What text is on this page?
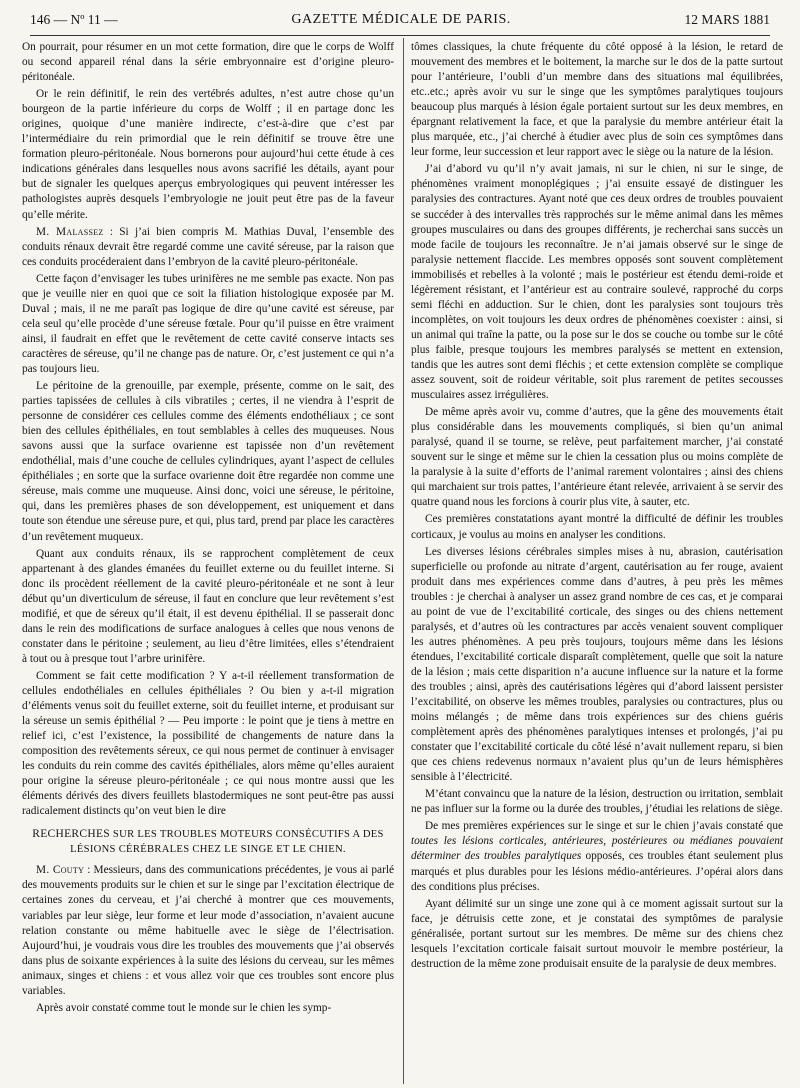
146 — Nº 11 —	GAZETTE MÉDICALE DE PARIS.	12 MARS 1881

On pourrait, pour résumer en un mot cette formation, dire que le corps de Wolff ou second appareil rénal dans la série embryonnaire est d’origine pleuro-péritonéale.

Or le rein définitif, le rein des vertébrés adultes, n’est autre chose qu’un bourgeon de la partie inférieure du corps de Wolff ; il en partage donc les origines, quoique d’une manière indirecte, c’est-à-dire que c’est par l’intermédiaire du rein primordial que le rein définitif se trouve être une formation pleuro-péritonéale. Nous bornerons pour aujourd’hui cette étude à ces indications générales dans lesquelles nous avons sacrifié les détails, ayant pour but de signaler les quelques aperçus embryologiques qui peuvent intéresser les pathologistes auprès desquels l’embryologie ne jouit peut être pas de la faveur qu’elle mérite.

M. Malassez : Si j’ai bien compris M. Mathias Duval, l’ensemble des conduits rénaux devrait être regardé comme une cavité séreuse, par la raison que ces conduits procéderaient dans l’embryon de la cavité pleuro-péritonéale.

Cette façon d’envisager les tubes urinifères ne me semble pas exacte. Non pas que je veuille nier en quoi que ce soit la filiation histologique exposée par M. Duval ; mais, il ne me paraît pas logique de dire qu’une cavité est séreuse, par cela seul qu’elle procède d’une séreuse fœtale. Pour qu’il puisse en être vraiment ainsi, il faudrait en effet que le revêtement de cette cavité conserve intacts ses caractères de séreuse, qu’il ne change pas de nature. Or, c’est justement ce qui n’a pas toujours lieu.

Le péritoine de la grenouille, par exemple, présente, comme on le sait, des parties tapissées de cellules à cils vibratiles ; certes, il ne viendra à l’esprit de personne de considérer ces cellules comme des éléments endothéliaux ; ce sont bien des cellules épithéliales, en tout semblables à celles des muqueuses. Nous savons aussi que la surface ovarienne est tapissée non d’un revêtement endothélial, mais d’une couche de cellules cylindriques, ayant l’aspect de cellules épithéliales ; en sorte que la surface ovarienne doit être regardée non comme une séreuse, mais comme une muqueuse. Ainsi donc, voici une séreuse, le péritoine, qui, dans les premières phases de son développement, est uniquement et dans toute son étendue une séreuse pure, et qui, plus tard, prend par place les caractères d’un revêtement muqueux.

Quant aux conduits rénaux, ils se rapprochent complètement de ceux appartenant à des glandes émanées du feuillet externe ou du feuillet interne. Si donc ils procèdent réellement de la cavité pleuro-péritonéale et ne sont à leur début qu’un diverticulum de séreuse, il faut en conclure que leur revêtement s’est modifié, et que de séreux qu’il était, il est devenu épithélial. Il se passerait donc dans le rein des modifications de surface analogues à celles que nous venons de constater dans le péritoine ; seulement, au lieu d’être limitées, elles s’étendraient à tout ou à presque tout l’arbre urinifère.

Comment se fait cette modification ? Y a-t-il réellement transformation de cellules endothéliales en cellules épithéliales ? Ou bien y a-t-il migration d’éléments venus soit du feuillet externe, soit du feuillet interne, et produisant sur la séreuse un semis épithélial ? — Peu importe : le point que je tiens à mettre en relief ici, c’est l’existence, la possibilité de changements de nature dans la composition des revêtements séreux, ce qui nous permet de continuer à envisager les conduits du rein comme des cavités épithéliales, alors même qu’elles auraient pour origine la séreuse pleuro-péritonéale ; ce qui nous montre aussi que les éléments dérivés des divers feuillets blastodermiques ne sont peut-être pas aussi radicalement distincts qu’on veut bien le dire

RECHERCHES SUR LES TROUBLES MOTEURS CONSÉCUTIFS A DES LÉSIONS CÉRÉBRALES CHEZ LE SINGE ET LE CHIEN.

M. Couty : Messieurs, dans des communications précédentes, je vous ai parlé des mouvements produits sur le chien et sur le singe par l’excitation électrique de certaines zones du cerveau, et j’ai cherché à montrer que ces mouvements, variables par leur siège, leur forme et leur mode d’association, n’avaient aucune relation constante ou même habituelle avec le siège de l’électrisation. Aujourd’hui, je voudrais vous dire les troubles des mouvements que j’ai observés dans plus de soixante expériences à la suite des lésions du cerveau, sur les mêmes animaux, singes et chiens : et vous allez voir que ces troubles sont encore plus variables.

Après avoir constaté comme tout le monde sur le chien les symp-

tômes classiques, la chute fréquente du côté opposé à la lésion, le retard de mouvement des membres et le boitement, la marche sur le dos de la patte surtout pour l’antérieure, l’oubli d’un membre dans des situations mal équilibrées, etc..etc.; après avoir vu sur le singe que les symptômes paralytiques toujours beaucoup plus marqués à lésion égale portaient surtout sur les deux membres, en épargnant relativement la face, et que la paralysie du membre antérieur était la plus marquée, etc., j’ai cherché à étudier avec plus de soin ces symptômes dans leur forme, leur succession et leur rapport avec le siège ou la nature de la lésion.

J’ai d’abord vu qu’il n’y avait jamais, ni sur le chien, ni sur le singe, de phénomènes vraiment monoplégiques ; j’ai ensuite essayé de distinguer les paralysies des contractures. Ayant noté que ces deux ordres de troubles pouvaient se succéder à des intervalles très rapprochés sur le même animal dans les mêmes groupes musculaires ou dans des groupes différents, je recherchai sans succès un mode facile de toujours les reconnaître. Je n’ai jamais observé sur le singe de paralysie nettement flaccide. Les membres opposés sont souvent complètement immobilisés et rebelles à la volonté ; mais le postérieur est étendu demi-roide et légèrement résistant, et l’antérieur est au contraire soulevé, rapproché du corps semi fléchi en adduction. Sur le chien, dont les paralysies sont toujours très incomplètes, on voit toujours les deux ordres de phénomènes coexister : ainsi, si un animal qui traîne la patte, ou la pose sur le dos se couche ou tombe sur le côté plus faible, presque toujours les membres paralysés se mettent en extension, tandis que les autres sont demi fléchis ; et cette extension complète se complique assez souvent, soit de roideur véritable, soit plus rarement de petites secousses musculaires assez irrégulières.

De même après avoir vu, comme d’autres, que la gêne des mouvements était plus considérable dans les mouvements compliqués, si bien qu’un animal paralysé, quand il se tourne, se relève, peut parfaitement marcher, j’ai constaté souvent sur le singe et même sur le chien la cessation plus ou moins complète de la paralysie à la suite d’efforts de l’animal rarement volontaires ; ainsi des chiens qui marchaient sur trois pattes, l’antérieure étant relevée, arrivaient à se servir des quatre quand nous les forcions à courir plus vite, à sauter, etc.

Ces premières constatations ayant montré la difficulté de définir les troubles corticaux, je voulus au moins en analyser les conditions.

Les diverses lésions cérébrales simples mises à nu, abrasion, cautérisation superficielle ou profonde au nitrate d’argent, cautérisation au fer rouge, avaient produit dans mes expériences comme dans d’autres, à peu près les mêmes troubles : je cherchai à analyser un assez grand nombre de ces cas, et je comparai au point de vue de l’excitabilité corticale, des singes ou des chiens nettement paralysés, et d’autres où les contractures par accès venaient souvent compliquer les autres phénomènes. A peu près toujours, toujours même dans les lésions étendues, l’excitabilité corticale disparaît complètement, quelle que soit la nature de la lésion ; mais cette disparition n’a aucune influence sur la nature et la forme des troubles ; ainsi, après des cautérisations légères qui d’abord laissent persister l’excitabilité, on observe les mêmes troubles, paralysies ou contractures, plus ou moins mélangés ; de même dans trois expériences sur des chiens guéris complètement après des phénomènes paralytiques intenses et prolongés, j’ai pu constater que l’excitabilité corticale du côté lésé n’avait nullement reparu, si bien que ces chiens redevenus normaux n’avaient plus qu’un de leurs hémisphères sensible à l’électricité.

M’étant convaincu que la nature de la lésion, destruction ou irritation, semblait ne pas influer sur la forme ou la durée des troubles, j’étudiai les relations de siège.

De mes premières expériences sur le singe et sur le chien j’avais constaté que toutes les lésions corticales, antérieures, postérieures ou médianes pouvaient déterminer des troubles paralytiques opposés, ces troubles étant seulement plus marqués et plus durables pour les lésions médio-antérieures. J’opérai alors dans des conditions plus précises.

Ayant délimité sur un singe une zone qui à ce moment agissait surtout sur la face, je détruisis cette zone, et je constatai des symptômes de paralysie généralisée, portant surtout sur les membres. De même sur des chiens chez lesquels l’excitation corticale faisait surtout mouvoir le membre postérieur, la destruction de la même zone produisait ensuite de la paralysie de deux membres.
